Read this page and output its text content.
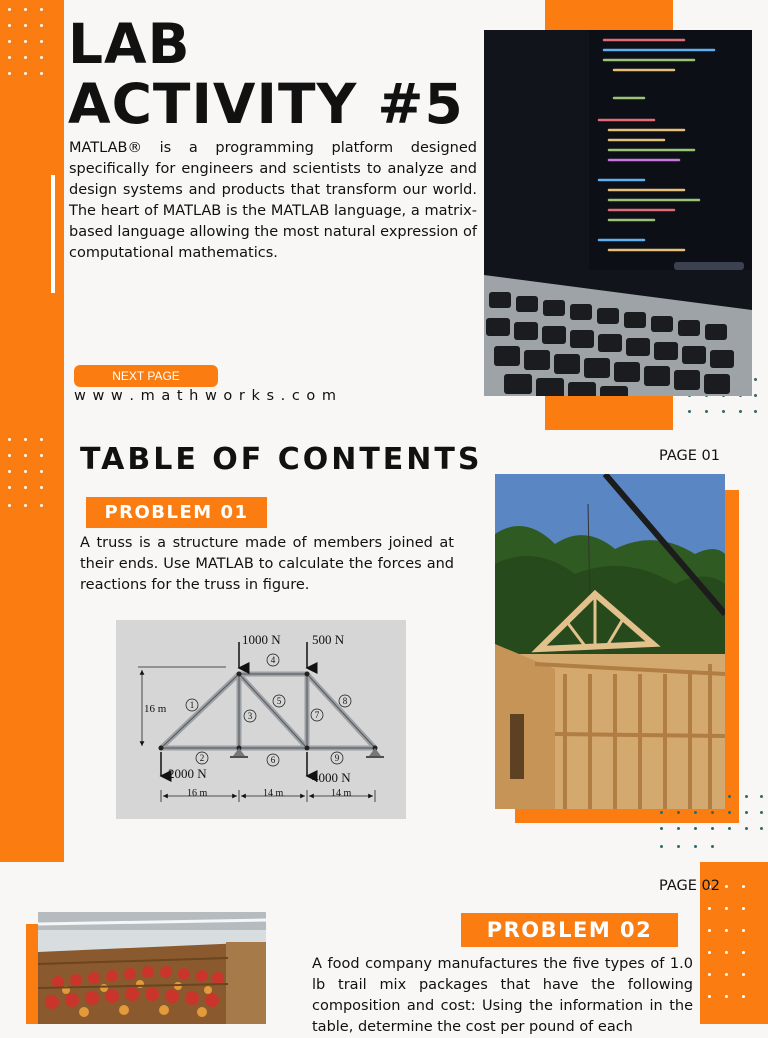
LAB
ACTIVITY #5
MATLAB® is a programming platform designed specifically for engineers and scientists to analyze and design systems and products that transform our world. The heart of MATLAB is the MATLAB language, a matrix-based language allowing the most natural expression of computational mathematics.
NEXT PAGE
w w w . m a t h w o r k s . c o m
TABLE OF CONTENTS	PAGE 01
PROBLEM 01
A truss is a structure made of members joined at their ends. Use MATLAB to calculate the forces and reactions for the truss in figure.
1000 N 500 N
2000 N	4000 N
16 m
16 m	14 m	14 m
1
2
3
4
5
6
7
8
9
PAGE 02
PROBLEM 02
A food company manufactures the five types of 1.0 lb trail mix packages that have the following composition and cost: Using the information in the table, determine the cost per pound of each
